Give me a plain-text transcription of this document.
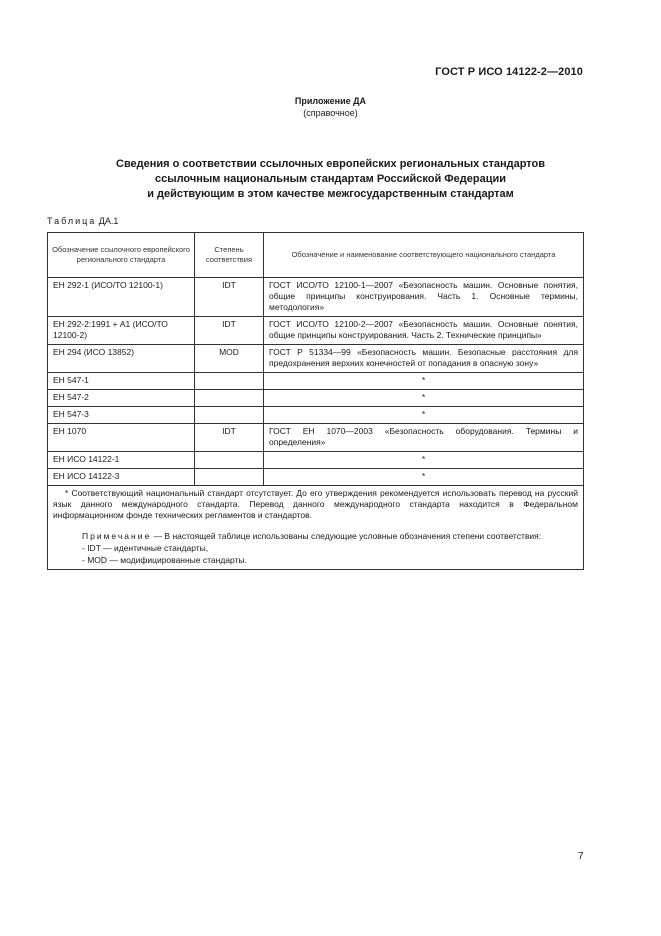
ГОСТ Р ИСО 14122-2—2010
Приложение ДА
(справочное)
Сведения о соответствии ссылочных европейских региональных стандартов
ссылочным национальным стандартам Российской Федерации
и действующим в этом качестве межгосударственным стандартам
Таблица ДА.1
Обозначение ссылочного европейского регионального стандарта	Степень соответствия	Обозначение и наименование соответствующего национального стандарта
ЕН 292-1 (ИСО/ТО 12100-1)	IDT	ГОСТ ИСО/ТО 12100-1—2007 «Безопасность машин. Основные понятия, общие принципы конструирования. Часть 1. Основные термины, методология»
ЕН 292-2:1991 + А1 (ИСО/ТО 12100-2)	IDT	ГОСТ ИСО/ТО 12100-2—2007 «Безопасность машин. Основные понятия, общие принципы конструирования. Часть 2. Технические принципы»
ЕН 294 (ИСО 13852)	MOD	ГОСТ Р 51334—99 «Безопасность машин. Безопасные расстояния для предохранения верхних конечностей от попадания в опасную зону»
ЕН 547-1		*
ЕН 547-2		*
ЕН 547-3		*
ЕН 1070	IDT	ГОСТ ЕН 1070—2003 «Безопасность оборудования. Термины и определения»
ЕН ИСО 14122-1		*
ЕН ИСО 14122-3		*

* Соответствующий национальный стандарт отсутствует. До его утверждения рекомендуется использовать перевод на русский язык данного международного стандарта. Перевод данного международного стандарта находится в Федеральном информационном фонде технических регламентов и стандартов.

Примечание — В настоящей таблице использованы следующие условные обозначения степени соответствия:

- IDT — идентичные стандарты,
- MOD — модифицированные стандарты.		
7
